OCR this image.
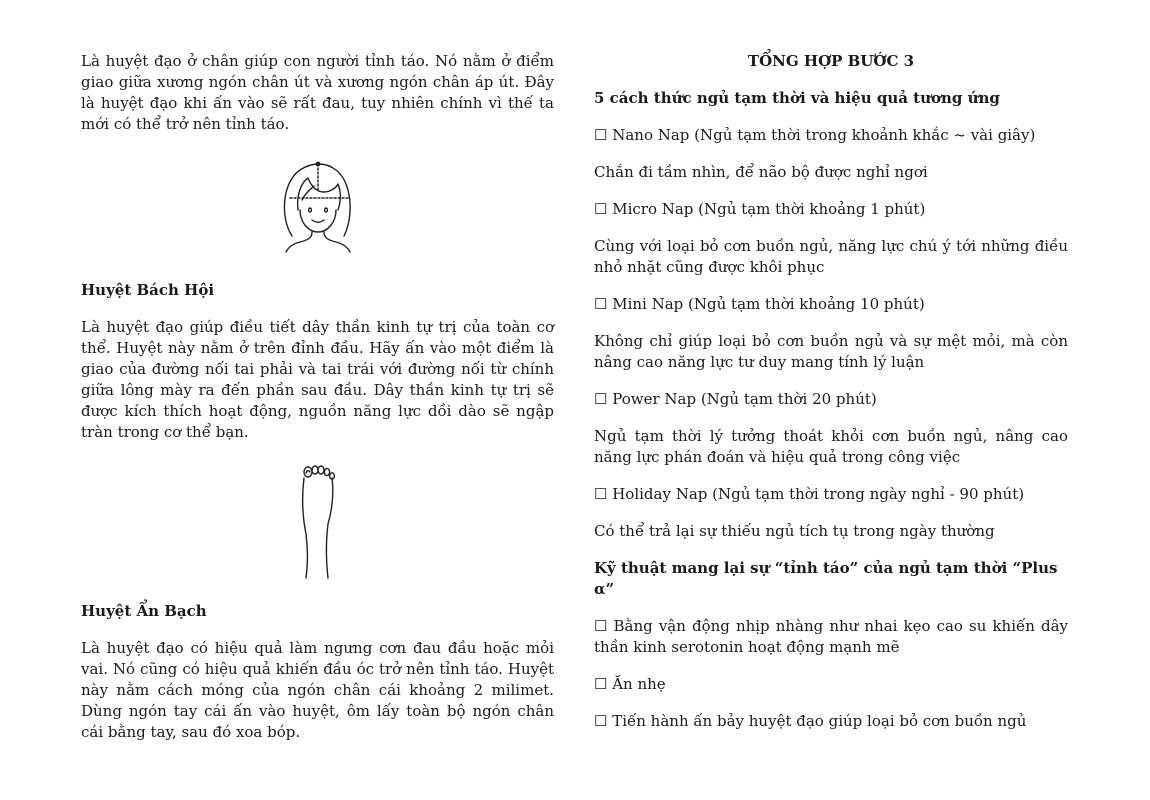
Là huyệt đạo ở chân giúp con người tỉnh táo. Nó nằm ở điểm giao giữa xương ngón chân út và xương ngón chân áp út. Đây là huyệt đạo khi ấn vào sẽ rất đau, tuy nhiên chính vì thế ta mới có thể trở nên tỉnh táo.

Huyệt Bách Hội

Là huyệt đạo giúp điều tiết dây thần kinh tự trị của toàn cơ thể. Huyệt này nằm ở trên đỉnh đầu. Hãy ấn vào một điểm là giao của đường nối tai phải và tai trái với đường nối từ chính giữa lông mày ra đến phần sau đầu. Dây thần kinh tự trị sẽ được kích thích hoạt động, nguồn năng lực dồi dào sẽ ngập tràn trong cơ thể bạn.

Huyệt Ẩn Bạch

Là huyệt đạo có hiệu quả làm ngưng cơn đau đầu hoặc mỏi vai. Nó cũng có hiệu quả khiến đầu óc trở nên tỉnh táo. Huyệt này nằm cách móng của ngón chân cái khoảng 2 milimet. Dùng ngón tay cái ấn vào huyệt, ôm lấy toàn bộ ngón chân cái bằng tay, sau đó xoa bóp.

TỔNG HỢP BƯỚC 3

5 cách thức ngủ tạm thời và hiệu quả tương ứng

☐ Nano Nap (Ngủ tạm thời trong khoảnh khắc ~ vài giây)

Chắn đi tầm nhìn, để não bộ được nghỉ ngơi

☐ Micro Nap (Ngủ tạm thời khoảng 1 phút)

Cùng với loại bỏ cơn buồn ngủ, năng lực chú ý tới những điều nhỏ nhặt cũng được khôi phục

☐ Mini Nap (Ngủ tạm thời khoảng 10 phút)

Không chỉ giúp loại bỏ cơn buồn ngủ và sự mệt mỏi, mà còn nâng cao năng lực tư duy mang tính lý luận

☐ Power Nap (Ngủ tạm thời 20 phút)

Ngủ tạm thời lý tưởng thoát khỏi cơn buồn ngủ, nâng cao năng lực phán đoán và hiệu quả trong công việc

☐ Holiday Nap (Ngủ tạm thời trong ngày nghỉ - 90 phút)

Có thể trả lại sự thiếu ngủ tích tụ trong ngày thường

Kỹ thuật mang lại sự “tỉnh táo” của ngủ tạm thời “Plus α”

☐ Bằng vận động nhịp nhàng như nhai kẹo cao su khiến dây thần kinh serotonin hoạt động mạnh mẽ

☐ Ăn nhẹ

☐ Tiến hành ấn bảy huyệt đạo giúp loại bỏ cơn buồn ngủ
